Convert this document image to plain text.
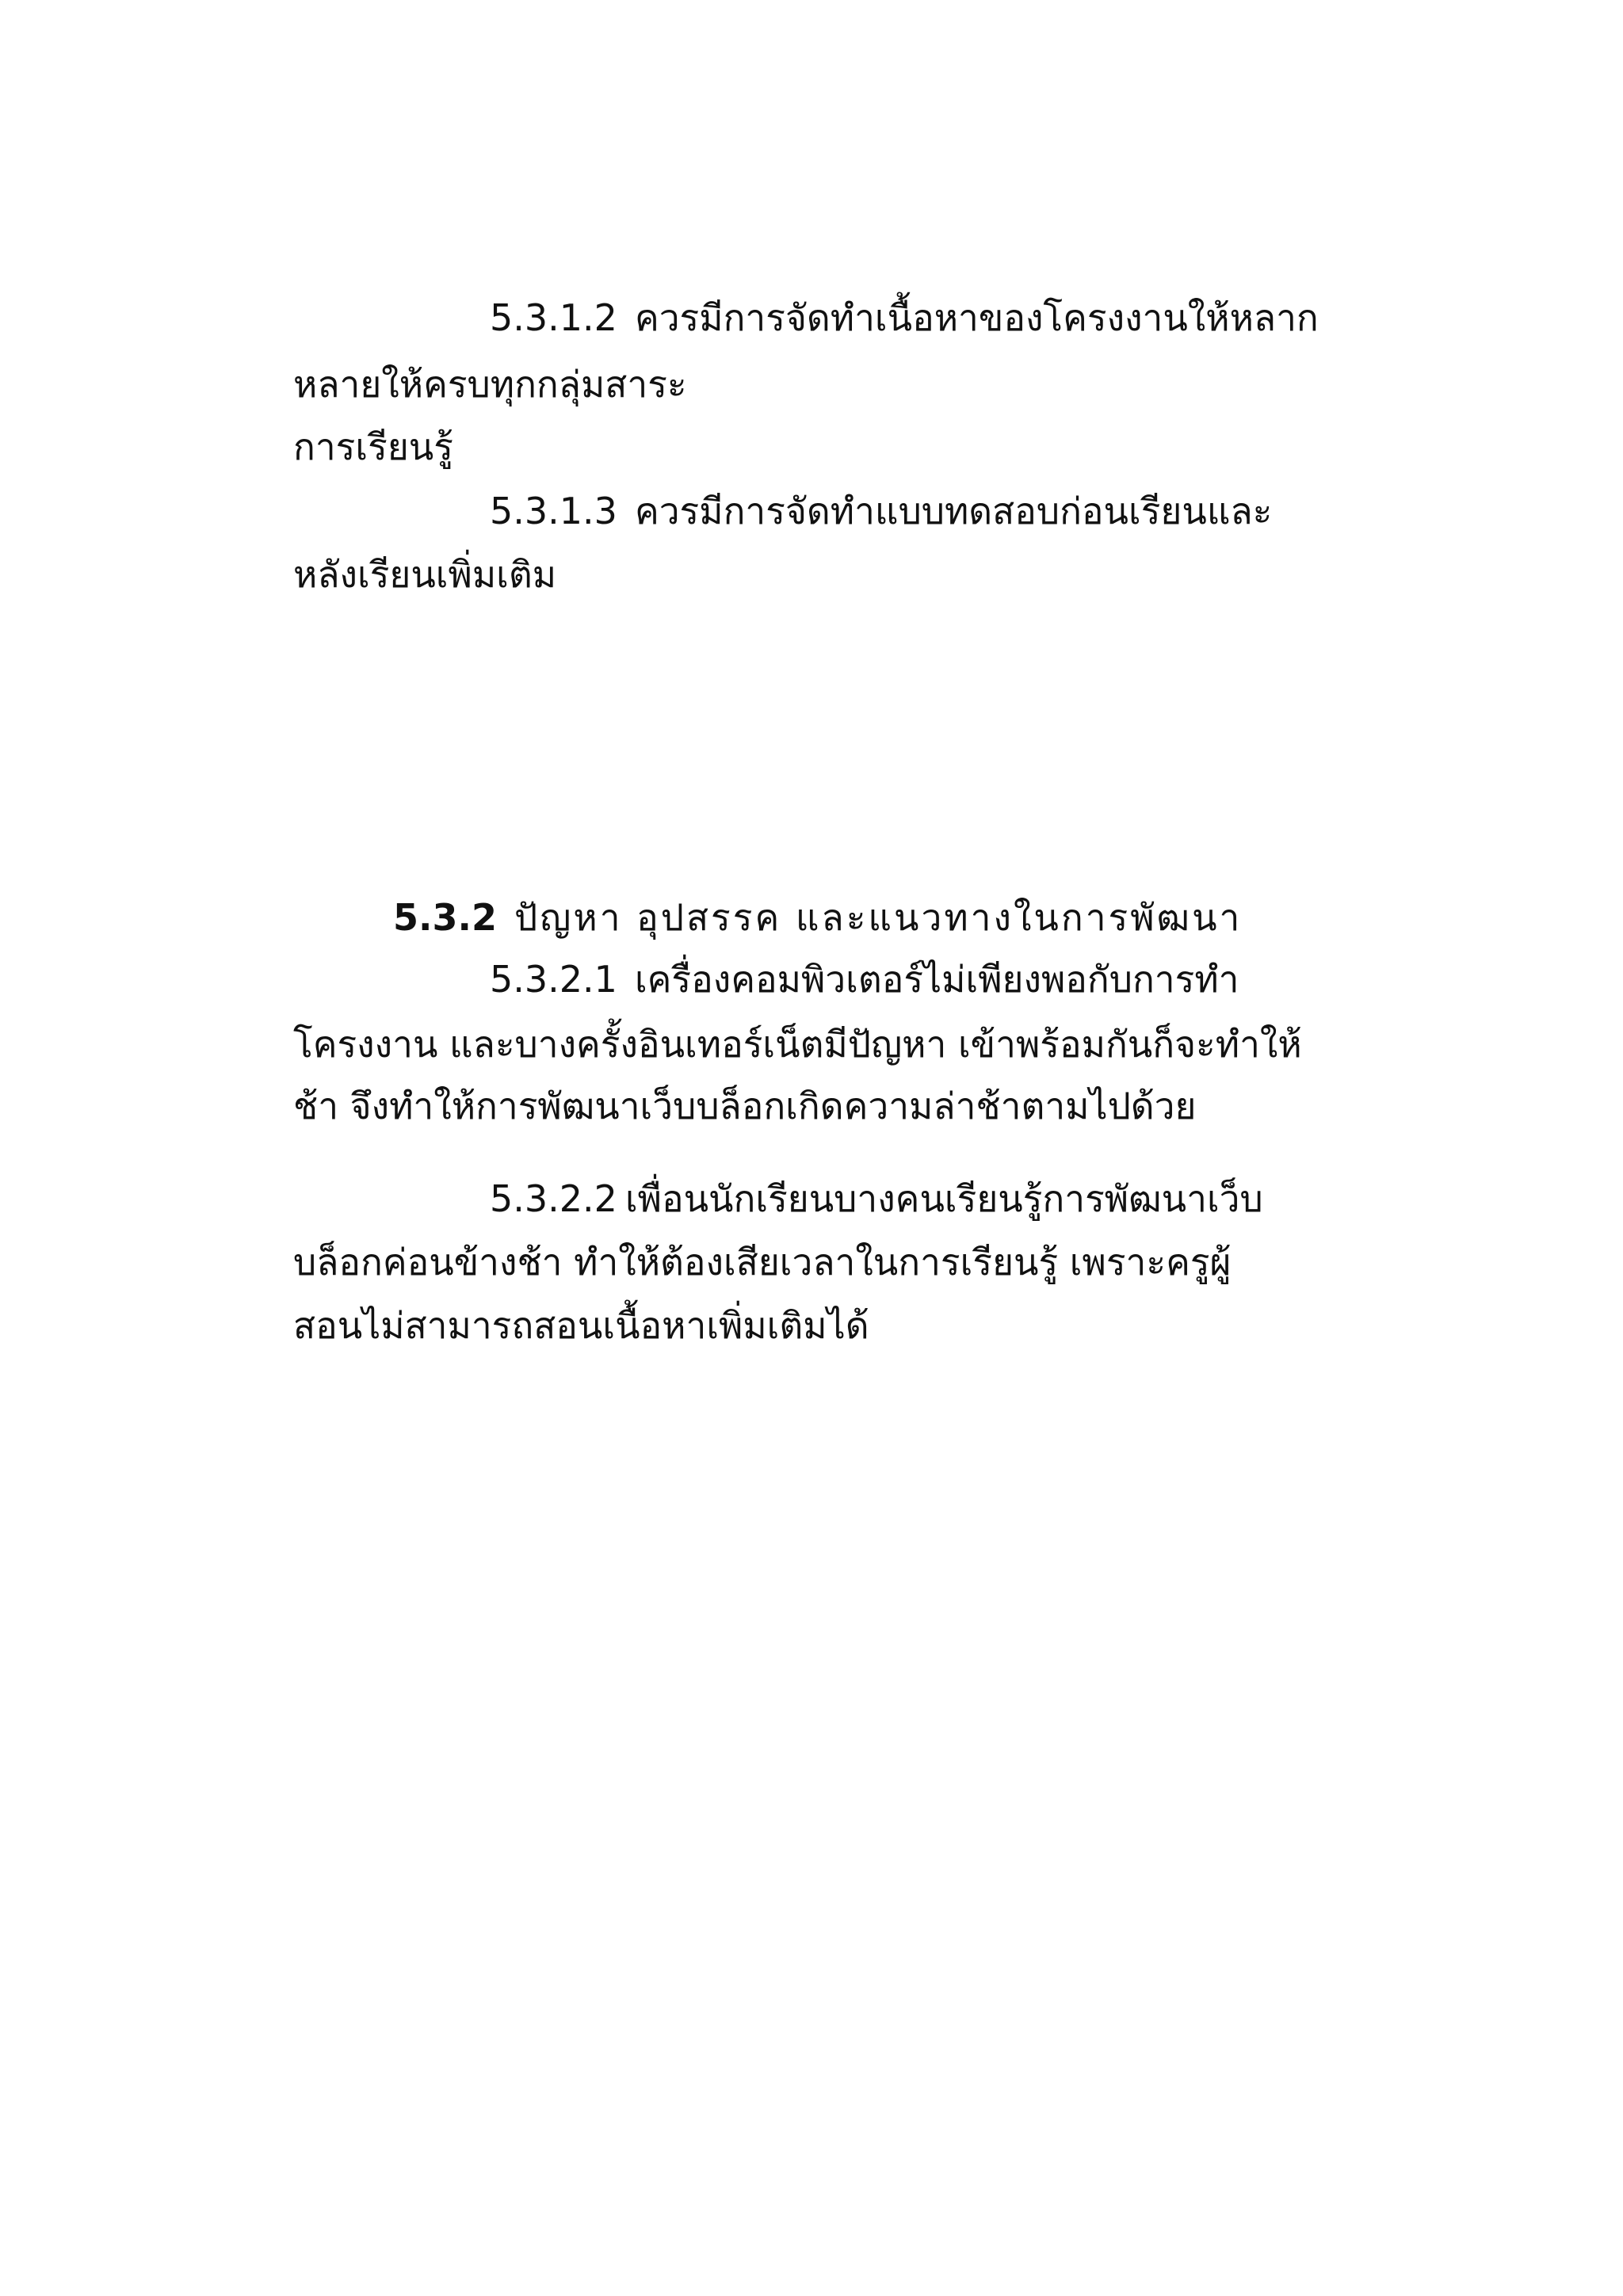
5.3.1.2 ควรมีการจัดทำเนื้อหาของโครงงานให้หลาก
หลายให้ครบทุกกลุ่มสาระ
การเรียนรู้
5.3.1.3 ควรมีการจัดทำแบบทดสอบก่อนเรียนและ
หลังเรียนเพิ่มเติม
5.3.2 ปัญหา อุปสรรค และแนวทางในการพัฒนา
5.3.2.1 เครื่องคอมพิวเตอร์ไม่เพียงพอกับการทำ
โครงงาน และบางครั้งอินเทอร์เน็ตมีปัญหา เข้าพร้อมกันก็จะทำให้
ช้า จึงทำให้การพัฒนาเว็บบล็อกเกิดความล่าช้าตามไปด้วย
5.3.2.2 เพื่อนนักเรียนบางคนเรียนรู้การพัฒนาเว็บ
บล็อกค่อนข้างช้า ทำให้ต้องเสียเวลาในการเรียนรู้ เพราะครูผู้
สอนไม่สามารถสอนเนื้อหาเพิ่มเติมได้
